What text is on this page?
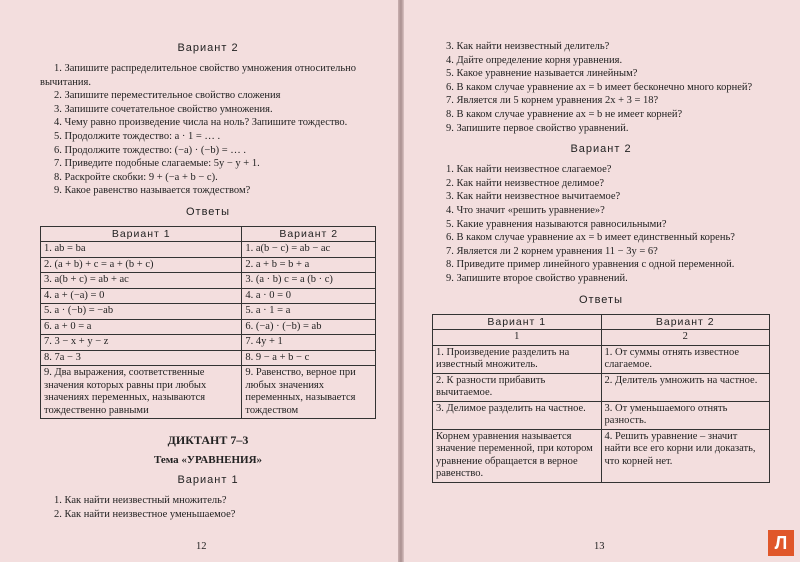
Вариант 2

1. Запишите распределительное свойство умножения относительно вычитания.

2. Запишите переместительное свойство сложения

3. Запишите сочетательное свойство умножения.

4. Чему равно произведение числа на ноль? Запишите тождество.

5. Продолжите тождество: a · 1 = … .

6. Продолжите тождество: (−a) · (−b) = … .

7. Приведите подобные слагаемые: 5y − y + 1.

8. Раскройте скобки: 9 + (−a + b − c).

9. Какое равенство называется тождеством?

Ответы
Вариант 1	Вариант 2
1. ab = ba	1. a(b − c) = ab − ac
2. (a + b) + c = a + (b + c)	2. a + b = b + a
3. a(b + c) = ab + ac	3. (a · b) c = a (b · c)
4. a + (−a) = 0	4. a · 0 = 0
5. a · (−b) = −ab	5. a · 1 = a
6. a + 0 = a	6. (−a) · (−b) = ab
7. 3 − x + y − z	7. 4y + 1
8. 7a − 3	8. 9 − a + b − c
9. Два выражения, соответственные значения которых равны при любых значениях переменных, называются тождественно равными	9. Равенство, верное при любых значениях переменных, называется тождеством
ДИКТАНТ 7–3
Тема «УРАВНЕНИЯ»
Вариант 1

1. Как найти неизвестный множитель?

2. Как найти неизвестное уменьшаемое?

12

3. Как найти неизвестный делитель?

4. Дайте определение корня уравнения.

5. Какое уравнение называется линейным?

6. В каком случае уравнение ax = b имеет бесконечно много корней?

7. Является ли 5 корнем уравнения 2x + 3 = 18?

8. В каком случае уравнение ax = b не имеет корней?

9. Запишите первое свойство уравнений.

Вариант 2

1. Как найти неизвестное слагаемое?

2. Как найти неизвестное делимое?

3. Как найти неизвестное вычитаемое?

4. Что значит «решить уравнение»?

5. Какие уравнения называются равносильными?

6. В каком случае уравнение ax = b имеет единственный корень?

7. Является ли 2 корнем уравнения 11 − 3y = 6?

8. Приведите пример линейного уравнения с одной переменной.

9. Запишите второе свойство уравнений.

Ответы
Вариант 1	Вариант 2
1	2
1. Произведение разделить на известный множитель.	1. От суммы отнять известное слагаемое.
2. К разности прибавить вычитаемое.	2. Делитель умножить на частное.
3. Делимое разделить на частное.	3. От уменьшаемого отнять разность.
Корнем уравнения называется значение переменной, при котором уравнение обращается в верное равенство.	4. Решить уравнение – значит найти все его корни или доказать, что корней нет.
13	Л
